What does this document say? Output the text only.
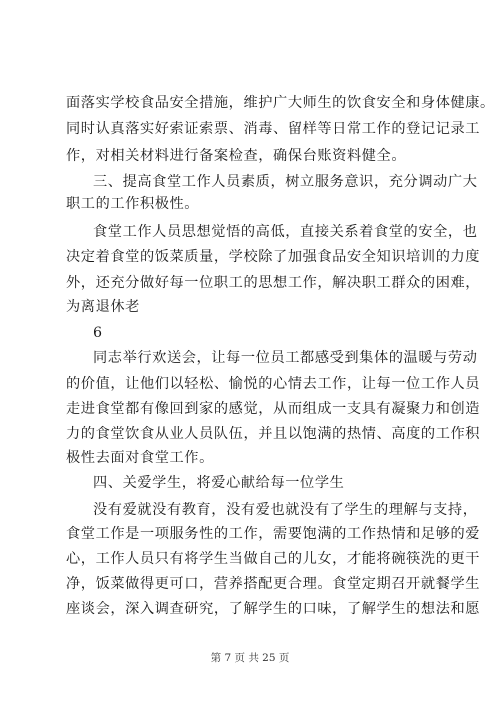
面落实学校食品安全措施，维护广大师生的饮食安全和身体健康。
同时认真落实好索证索票、消毒、留样等日常工作的登记记录工
作，对相关材料进行备案检查，确保台账资料健全。
三、提高食堂工作人员素质，树立服务意识，充分调动广大
职工的工作积极性。
食堂工作人员思想觉悟的高低，直接关系着食堂的安全，也
决定着食堂的饭菜质量，学校除了加强食品安全知识培训的力度
外，还充分做好每一位职工的思想工作，解决职工群众的困难，
为离退休老
6
同志举行欢送会，让每一位员工都感受到集体的温暖与劳动
的价值，让他们以轻松、愉悦的心情去工作，让每一位工作人员
走进食堂都有像回到家的感觉，从而组成一支具有凝聚力和创造
力的食堂饮食从业人员队伍，并且以饱满的热情、高度的工作积
极性去面对食堂工作。
四、关爱学生，将爱心献给每一位学生
没有爱就没有教育，没有爱也就没有了学生的理解与支持，
食堂工作是一项服务性的工作，需要饱满的工作热情和足够的爱
心，工作人员只有将学生当做自己的儿女，才能将碗筷洗的更干
净，饭菜做得更可口，营养搭配更合理。食堂定期召开就餐学生
座谈会，深入调查研究，了解学生的口味，了解学生的想法和愿
第 7 页 共 25 页
